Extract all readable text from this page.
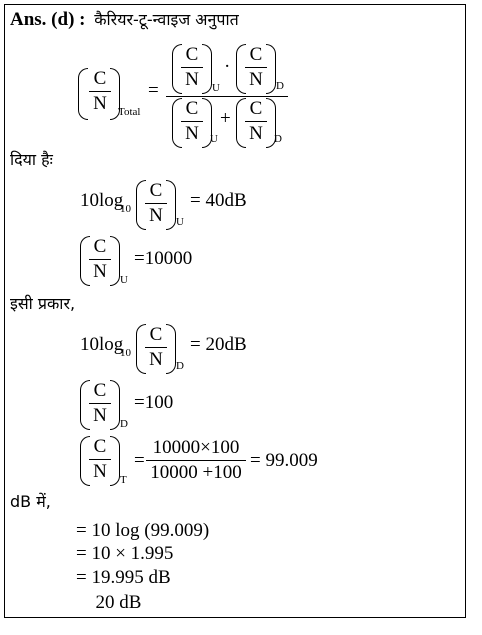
Ans. (d) : कैरियर-टू-न्वाइज अनुपात
C
N Total
=
C
N U
·
C
N D
C
N U
+ C
N D
दिया हैः
10log
10
C
N U
= 40dB
C
N U
=10000
इसी प्रकार,
10log
10
C
N D
= 20dB
C
N D
=100
C
N T
=
10000×100
10000 +100
= 99.009
dB में,
= 10 log (99.009)
= 10 × 1.995
= 19.995 dB
20 dB
